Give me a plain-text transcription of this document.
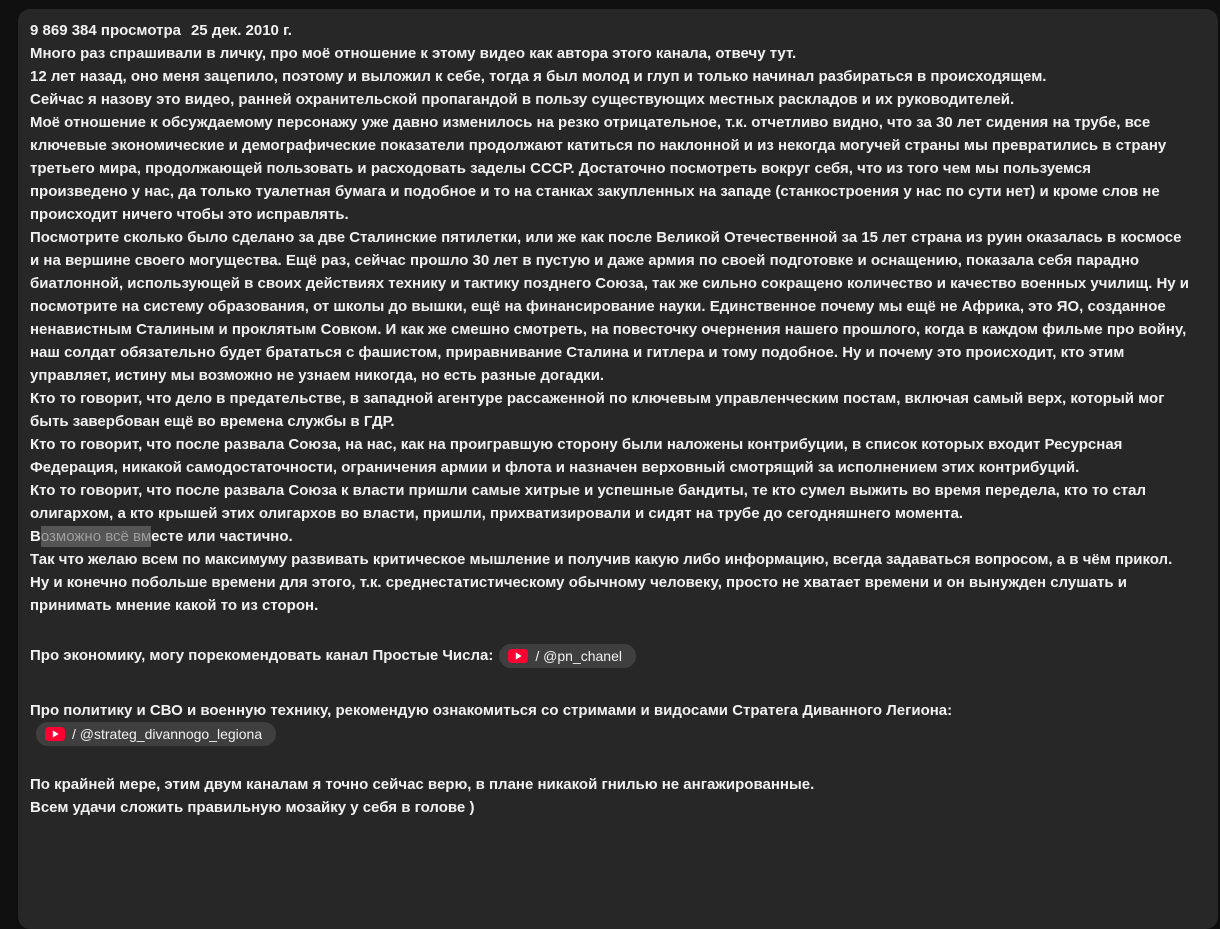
9 869 384 просмотра 25 дек. 2010 г.
Много раз спрашивали в личку, про моё отношение к этому видео как автора этого канала, отвечу тут.
12 лет назад, оно меня зацепило, поэтому и выложил к себе, тогда я был молод и глуп и только начинал разбираться в происходящем.
Сейчас я назову это видео, ранней охранительской пропагандой в пользу существующих местных раскладов и их руководителей.
Моё отношение к обсуждаемому персонажу уже давно изменилось на резко отрицательное, т.к. отчетливо видно, что за 30 лет сидения на трубе, все ключевые экономические и демографические показатели продолжают катиться по наклонной и из некогда могучей страны мы превратились в страну третьего мира, продолжающей пользовать и расходовать заделы СССР. Достаточно посмотреть вокруг себя, что из того чем мы пользуемся произведено у нас, да только туалетная бумага и подобное и то на станках закупленных на западе (станкостроения у нас по сути нет) и кроме слов не происходит ничего чтобы это исправлять.
Посмотрите сколько было сделано за две Сталинские пятилетки, или же как после Великой Отечественной за 15 лет страна из руин оказалась в космосе и на вершине своего могущества. Ещё раз, сейчас прошло 30 лет в пустую и даже армия по своей подготовке и оснащению, показала себя парадно биатлонной, использующей в своих действиях технику и тактику позднего Союза, так же сильно сокращено количество и качество военных училищ. Ну и посмотрите на систему образования, от школы до вышки, ещё на финансирование науки. Единственное почему мы ещё не Африка, это ЯО, созданное ненавистным Сталиным и проклятым Совком. И как же смешно смотреть, на повесточку очернения нашего прошлого, когда в каждом фильме про войну, наш солдат обязательно будет брататься с фашистом, приравнивание Сталина и гитлера и тому подобное. Ну и почему это происходит, кто этим управляет, истину мы возможно не узнаем никогда, но есть разные догадки.
Кто то говорит, что дело в предательстве, в западной агентуре рассаженной по ключевым управленческим постам, включая самый верх, который мог быть завербован ещё во времена службы в ГДР.
Кто то говорит, что после развала Союза, на нас, как на проигравшую сторону были наложены контрибуции, в список которых входит Ресурсная Федерация, никакой самодостаточности, ограничения армии и флота и назначен верховный смотрящий за исполнением этих контрибуций.
Кто то говорит, что после развала Союза к власти пришли самые хитрые и успешные бандиты, те кто сумел выжить во время передела, кто то стал олигархом, а кто крышей этих олигархов во власти, пришли, прихватизировали и сидят на трубе до сегодняшнего момента.
Возможно всё вместе или частично.
Так что желаю всем по максимуму развивать критическое мышление и получив какую либо информацию, всегда задаваться вопросом, а в чём прикол. Ну и конечно побольше времени для этого, т.к. среднестатистическому обычному человеку, просто не хватает времени и он вынужден слушать и принимать мнение какой то из сторон.
Про экономику, могу порекомендовать канал Простые Числа:	/ @pn_chanel
Про политику и СВО и военную технику, рекомендую ознакомиться со стримами и видосами Стратега Диванного Легиона:
/ @strateg_divannogo_legiona
По крайней мере, этим двум каналам я точно сейчас верю, в плане никакой гнилью не ангажированные.
Всем удачи сложить правильную мозайку у себя в голове )
